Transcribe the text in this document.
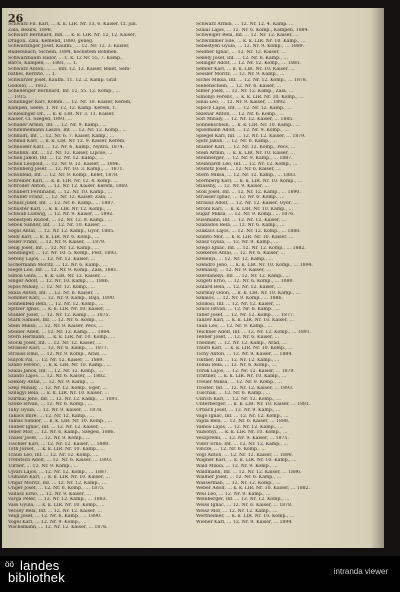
26
Schwarz Fil. Karl, … k. k. LIR. Nr. 13, 6. Kaiser, Cl. jun.
Zala, Bezirk. 1896.
Schwarz Bernhard, Infl. … k. k. LIR. Nr. 12, 12. Kaiser,
Dragon. Zala, Kemend, 1880, geneg.
Schwarzinger Josef, Kaufm., … 12. Nr. 12. 3. Kaiser,
Rudersbach, Sichem, 1894, höchstem Böhmen.
Schwarzbaum Isidor, … 1. k. 12 Nr. 55, 7. Kamp.,
Barcs, Kampen, … 1881, … 1.
Schwarz Anton, … … Infl. 12. 12. Kaiser, Biket, Sem-
bathel, Kerinte, … 1.
Schwarzer Josef, Kaufm. 11. 12. 2. Kamp. Gräf
Gödöllő, … 1912.
Schellenger Bernhard, Inf. 12, 55. 12. Komp., …
… 1915.
Schillinger Karl, Komm. … 12. Nr. 10. Kaiser, Kerem,
Kampen, Seele, 1. Nr. 12, 12. Kamp. Kerem, 1.
Schlesinger Dr., … k. k. LIR. Nr. 3. 11. Kaiser,
Kaiser, Cl. Szeged, 1891. …
Schaller Armin, Inf. … 12. Nr. 9. Kamp., …
Schimmelmann Laszlo, Inf. … 12. Nr. 12. Komp., …
Schmidt, Inf. … 12. Nr. 6. 7. Kaiser, Kamp., …
Schmid Karl, … k. k. LIR. Nr. 12. 9. Kaiser, Kerem,
Schneider Karl, … 12. Nr. 6. Kamp., Nyitra, 1874.
Schoblin, Inf. … 12. Nr. 12. Kaiser, Lipcse, …
Schön Jakob, Inf. … 12. Nr. 12. Kamp., …
Schön Leopold, … 12. Nr. 9. 12. Kaiser, … 1896.
Schönberg Josef, … 12. Nr. 10. 3. Kamp., … 1871.
Schönfeld, Inf. … 12. Nr. 9. Komp., Kelet, 1878.
Schreiber Karl, … k. k. LIR. Nr. 12. 4. Komp. …
Schröder Anton, … 12. Nr. 12. Kaiser, Kerem, 1869.
Schubert Ferdinand, … 12. Nr. 10. Kamp., …
Schuller Franz, … 12. Nr. 12. Kaiser, Zala, …
Schulz Josef, Inf. … 12. Nr. 6. Kamp., … 1887.
Schuster Karl, … k. k. LIR. Nr. 12. Komp., …
Schwab Ludwig, … 12. Nr. 9. Kaiser, … 1892.
Sebestyén Rudolf, … 12. Nr. 12. 8. Kamp., …
Sebők Sándor, Inf. … 12. Nr. 10. Kaiser, …
Segal Antal, … 12. Nr. 12. Kamp., Győr, 1885.
Seidl Karl, … k. k. LIR. Nr. 6. Komp., …
Seiler Franz, … 12. Nr. 9. Kaiser, … 1879.
Selig Josef, Inf. … 12. Nr. 12. Kamp., …
Sendlinger, … 12. Nr. 10. 5. Komp., Pest, 1893.
Serény Lajos, … 12. Nr. 12. Kaiser, …
Sichermann Moritz, … 12. Nr. 6. Kamp., …
Siegel Leo, Inf. … 12. Nr. 9. Komp., Zala, 1881.
Simon Géza, … k. k. LIR. Nr. 12. Kaiser, …
Singer Adolf, … 12. Nr. 10. Kamp., … 1886.
Sipos Mihály, … 12. Nr. 12. Komp., …
Skala Anton, Inf. … 12. Nr. 6. Kaiser, …
Sommer Karl, … 12. Nr. 9. Kamp., Baja, 1890.
Sonnenfeld Béla, … 12. Nr. 12. Komp., …
Spitzer Ignác, … k. k. LIR. Nr. 10. Kaiser, …
Stadler Josef, … 12. Nr. 12. Kamp., … 1875.
Stark Samuel, Inf. … 12. Nr. 6. Komp., …
Stein Miksa, … 12. Nr. 9. Kaiser, Pécs, …
Steiner Adolf, … 12. Nr. 12. Kamp., … 1884.
Stern Hermann, … k. k. LIR. Nr. 10. Komp., …
Stöckl Josef, Inf. … 12. Nr. 12. Kaiser, …
Strasser Karl, … 12. Nr. 6. Kamp., … 1877.
Strauss Emil, … 12. Nr. 9. Komp., Arad, …
Sulyok Pál, … 12. Nr. 12. Kaiser, … 1889.
Szabó Ferenc, … k. k. LIR. Nr. 10. Kamp., …
Szalai János, Inf. … 12. Nr. 12. Komp., …
Szántó Lajos, … 12. Nr. 6. Kaiser, … 1882.
Székely Antal, … 12. Nr. 9. Kamp., …
Szép Mihály, … 12. Nr. 12. Komp., Eger, …
Szilágyi Béla, … k. k. LIR. Nr. 10. Kaiser, …
Szirmai Jenő, Inf. … 12. Nr. 12. Kamp., … 1891.
Szőke István, … 12. Nr. 6. Komp., …
Tahy Gyula, … 12. Nr. 9. Kaiser, … 1878.
Takács Imre, … 12. Nr. 12. Kamp., …
Tamás Sándor, … k. k. LIR. Nr. 10. Komp., …
Tauber Ignác, Inf. … 12. Nr. 12. Kaiser, …
Teller Mór, … 12. Nr. 6. Kamp., Szeged, 1886.
Thaler Josef, … 12. Nr. 9. Komp., …
Tischler Karl, … 12. Nr. 12. Kaiser, … 1880.
Tóth József, … k. k. LIR. Nr. 10. Kamp., …
Traub Leo, Inf. … 12. Nr. 12. Komp., …
Trebitsch Adolf, … 12. Nr. 6. Kaiser, … 1893.
Turner, … 12. Nr. 9. Kamp., …
Ujvári Lajos, … 12. Nr. 12. Komp., … 1887.
Ullmann Karl, … k. k. LIR. Nr. 10. Kaiser, …
Ungar Moritz, Inf. … 12. Nr. 12. Kamp., …
Unger Josef, … 12. Nr. 6. Komp., … 1875.
Vadász Ernő, … 12. Nr. 9. Kaiser, …
Varga Péter, … 12. Nr. 12. Kamp., … 1883.
Vass Gyula, … k. k. LIR. Nr. 10. Komp., …
Vécsey Béla, Inf. … 12. Nr. 12. Kaiser, …
Veigl Josef, … 12. Nr. 6. Kamp., … 1890.
Vogel Karl, … 12. Nr. 9. Komp., …
Wachsmann, … 12. Nr. 12. Kaiser, … 1876.
Schwarz Armin, … 12. Nr. 12. 4. Kamp. …
Szalai Lajos, … 12. Nr. 6. Komp., Kampen, 1884.
Schweiger Béla, Inf. … 12. Nr. 12. Kaiser, …
Schwimmer Ede, … k. k. LIR. Nr. 10. Kamp., …
Sebestyén Gyula, … 12. Nr. 9. Komp., … 1889.
Seidner Ignác, … 12. Nr. 12. Kaiser, …
Sekely Josef, Inf. … 12. Nr. 6. Kamp., …
Selinger Adolf, … 12. Nr. 12. Komp., … 1881.
Semler Karl, … k. k. LIR. Nr. 10. Kaiser, …
Sessler Moritz, … 12. Nr. 9. Kamp., …
Sichel Miksa, Inf. … 12. Nr. 12. Komp., … 1878.
Siebenschein, … 12. Nr. 6. Kaiser, …
Silber Josef, … 12. Nr. 12. Kamp., Zala, …
Simonyi Ferenc, … k. k. LIR. Nr. 10. Komp., …
Sinai Leo, … 12. Nr. 9. Kaiser, … 1892.
Sipőcz Lajos, Inf. … 12. Nr. 12. Kamp., …
Sklenár Anton, … 12. Nr. 6. Komp., …
Solt Mihály, … 12. Nr. 12. Kaiser, … 1885.
Sonnenschein, … k. k. LIR. Nr. 10. Kamp., …
Spielmann Adolf, … 12. Nr. 9. Komp., …
Spiegel Karl, Inf. … 12. Nr. 12. Kaiser, … 1879.
Spitz Jakob, … 12. Nr. 6. Kamp., …
Stadler Karl, … 12. Nr. 12. Komp., Pécs, …
Stein Ármin, … k. k. LIR. Nr. 10. Kaiser, …
Steinberger, … 12. Nr. 9. Kamp., … 1887.
Steinhardt Leo, Inf. … 12. Nr. 12. Komp., …
Steinitz Josef, … 12. Nr. 6. Kaiser, …
Stern Miksa, … 12. Nr. 12. Kamp., … 1883.
Sternberg Karl, … k. k. LIR. Nr. 10. Komp., …
Stiassny, … 12. Nr. 9. Kaiser, …
Stoll Josef, Inf. … 12. Nr. 12. Kamp., … 1890.
Strasser Ignác, … 12. Nr. 6. Komp., …
Strausz Adolf, … 12. Nr. 12. Kaiser, Győr, …
Strobl Karl, … k. k. LIR. Nr. 10. Kamp., …
Sugár Miksa, … 12. Nr. 9. Komp., … 1876.
Süssmann, Inf. … 12. Nr. 12. Kaiser, …
Szabados Béla, … 12. Nr. 6. Kamp., …
Szakács Lajos, … 12. Nr. 12. Komp., … 1888.
Szántó Mór, … k. k. LIR. Nr. 10. Kaiser, …
Szász Gyula, … 12. Nr. 9. Kamp., …
Szegő Ignác, Inf. … 12. Nr. 12. Komp., … 1882.
Szekeres Antal, … 12. Nr. 6. Kaiser, …
Szelényi, … 12. Nr. 12. Kamp., …
Szendrő Jenő, … k. k. LIR. Nr. 10. Komp., … 1894.
Szénássy, … 12. Nr. 9. Kaiser, …
Szerdahelyi, Inf. … 12. Nr. 12. Kamp., …
Szigeti Ernő, … 12. Nr. 6. Komp., … 1880.
Szilárd Béla, … 12. Nr. 12. Kaiser, …
Szirmay Ödön, … k. k. LIR. Nr. 10. Kamp., …
Szkalos, … 12. Nr. 9. Komp., … 1886.
Szőllősi, Inf. … 12. Nr. 12. Kaiser, …
Szűcs István, … 12. Nr. 6. Kamp., …
Tafler Josef, … 12. Nr. 12. Komp., … 1877.
Tanzer Karl, … k. k. LIR. Nr. 10. Kaiser, …
Taub Leo, … 12. Nr. 9. Kamp., …
Teichner Adolf, Inf. … 12. Nr. 12. Komp., … 1891.
Tenner Josef, … 12. Nr. 6. Kaiser, …
Theimer, … 12. Nr. 12. Kamp., Arad, …
Thurn Karl, … k. k. LIR. Nr. 10. Komp., …
Tichy Anton, … 12. Nr. 9. Kaiser, … 1884.
Tintner, Inf. … 12. Nr. 12. Kamp., …
Tolnai Béla, … 12. Nr. 6. Komp., …
Török Lajos, … 12. Nr. 12. Kaiser, … 1879.
Trattner, … k. k. LIR. Nr. 10. Kamp., …
Treuer Miksa, … 12. Nr. 9. Komp., …
Tröster, Inf. … 12. Nr. 12. Kaiser, … 1893.
Tuschak, … 12. Nr. 6. Kamp., …
Ullrich Karl, … 12. Nr. 12. Komp., …
Unterberger, … k. k. LIR. Nr. 10. Kaiser, … 1881.
Urbach Josef, … 12. Nr. 9. Kamp., …
Vágó Ignác, Inf. … 12. Nr. 12. Komp., …
Vajda Béla, … 12. Nr. 6. Kaiser, … 1888.
Vámos Lajos, … 12. Nr. 12. Kamp., …
Vázsonyi, … k. k. LIR. Nr. 10. Komp., …
Veszprémi, … 12. Nr. 9. Kaiser, … 1875.
Vidor Ernő, Inf. … 12. Nr. 12. Kamp., …
Vinczé, … 12. Nr. 6. Komp., …
Vogl Anton, … 12. Nr. 12. Kaiser, … 1890.
Wagner Karl, … k. k. LIR. Nr. 10. Kamp., …
Wald Miksa, … 12. Nr. 9. Komp., …
Waldmann, Inf. … 12. Nr. 12. Kaiser, … 1886.
Wallner Josef, … 12. Nr. 6. Kamp., …
Wasserman, … 12. Nr. 12. Komp., …
Weber Adolf, … k. k. LIR. Nr. 10. Kaiser, … 1882.
Weil Leo, … 12. Nr. 9. Kamp., …
Weinberger, Inf. … 12. Nr. 12. Komp., …
Weiss Ignác, … 12. Nr. 6. Kaiser, … 1878.
Weisz Mór, … 12. Nr. 12. Kamp., …
Wertheimer, … k. k. LIR. Nr. 10. Komp., …
Wiener Karl, … 12. Nr. 9. Kaiser, … 1894.
öö landes
bibliothek	intranda viewer
